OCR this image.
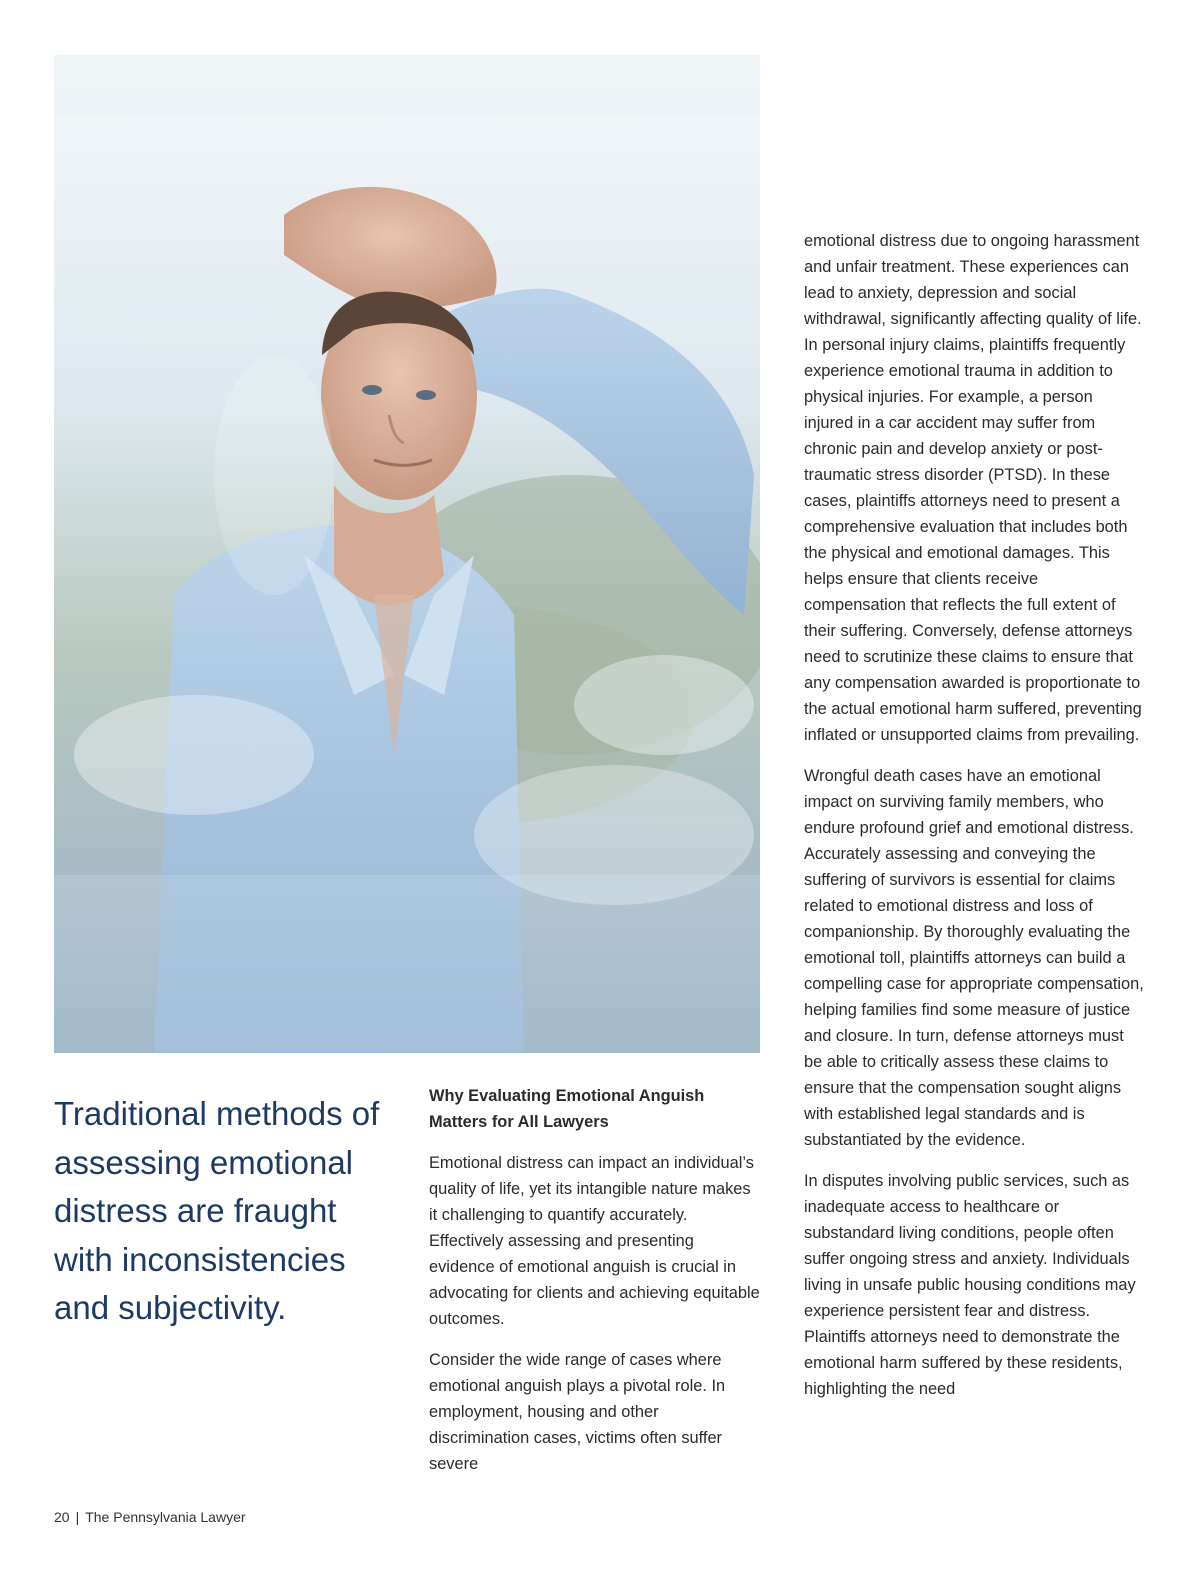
Traditional methods of assessing emotional distress are fraught with inconsistencies and subjectivity.

Why Evaluating Emotional Anguish Matters for All Lawyers

Emotional distress can impact an individual’s quality of life, yet its intangible nature makes it challenging to quantify accurately. Effectively assessing and presenting evidence of emotional anguish is crucial in advocating for clients and achieving equitable outcomes.

Consider the wide range of cases where emotional anguish plays a pivotal role. In employment, housing and other discrimination cases, victims often suffer severe

emotional distress due to ongoing harassment and unfair treatment. These experiences can lead to anxiety, depression and social withdrawal, significantly affecting quality of life. In personal injury claims, plaintiffs frequently experience emotional trauma in addition to physical injuries. For example, a person injured in a car accident may suffer from chronic pain and develop anxiety or post-traumatic stress disorder (PTSD). In these cases, plaintiffs attorneys need to present a comprehensive evaluation that includes both the physical and emotional damages. This helps ensure that clients receive compensation that reflects the full extent of their suffering. Conversely, defense attorneys need to scrutinize these claims to ensure that any compensation awarded is proportionate to the actual emotional harm suffered, preventing inflated or unsupported claims from prevailing.

Wrongful death cases have an emotional impact on surviving family members, who endure profound grief and emotional distress. Accurately assessing and conveying the suffering of survivors is essential for claims related to emotional distress and loss of companionship. By thoroughly evaluating the emotional toll, plaintiffs attorneys can build a compelling case for appropriate compensation, helping families find some measure of justice and closure. In turn, defense attorneys must be able to critically assess these claims to ensure that the compensation sought aligns with established legal standards and is substantiated by the evidence.

In disputes involving public services, such as inadequate access to healthcare or substandard living conditions, people often suffer ongoing stress and anxiety. Individuals living in unsafe public housing conditions may experience persistent fear and distress. Plaintiffs attorneys need to demonstrate the emotional harm suffered by these residents, highlighting the need

20 | The Pennsylvania Lawyer
